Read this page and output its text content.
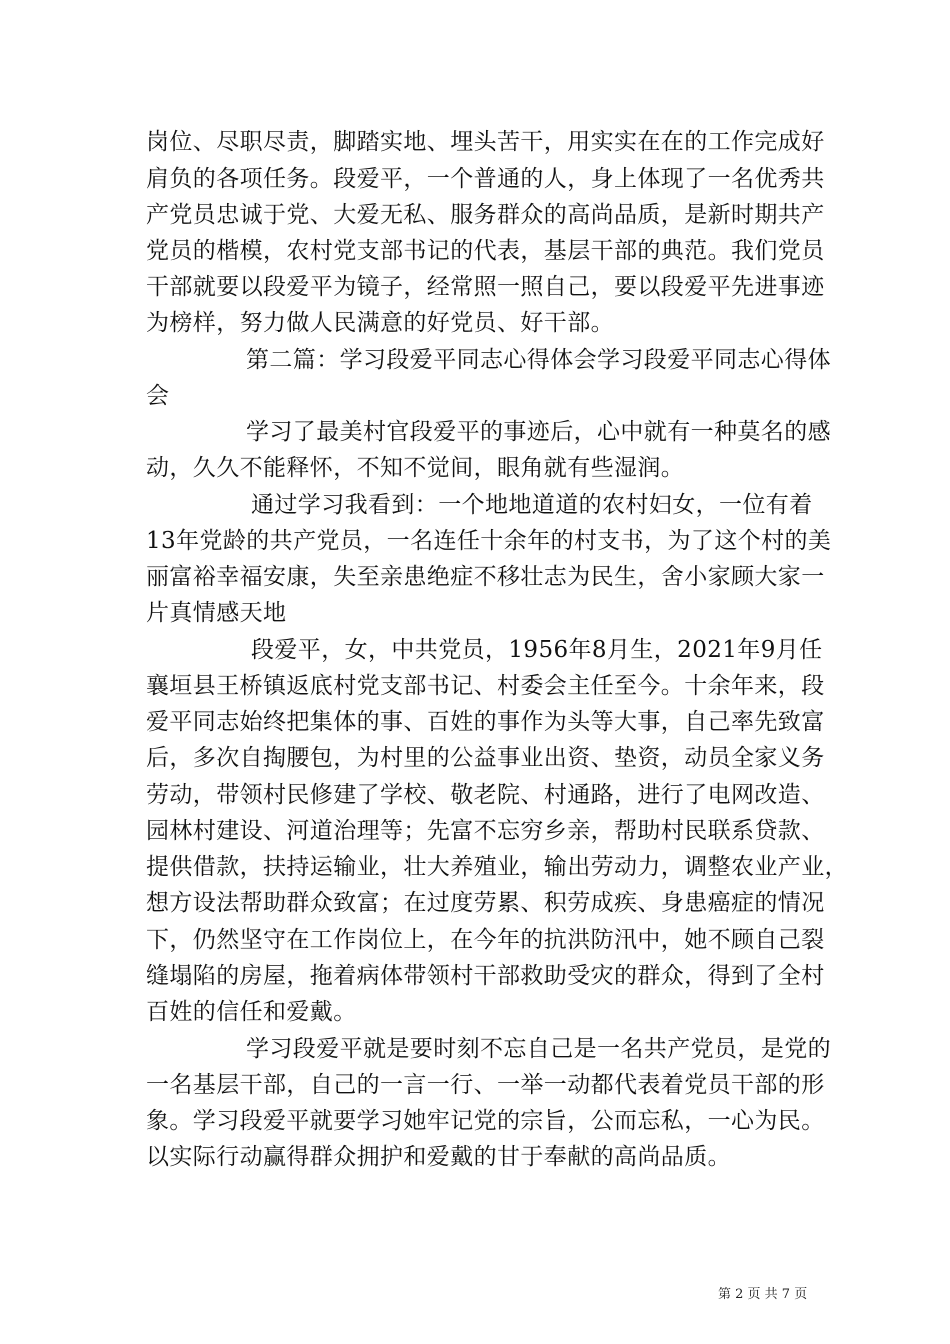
岗位、尽职尽责，脚踏实地、埋头苦干，用实实在在的工作完成好
肩负的各项任务。段爱平，一个普通的人，身上体现了一名优秀共
产党员忠诚于党、大爱无私、服务群众的高尚品质，是新时期共产
党员的楷模，农村党支部书记的代表，基层干部的典范。我们党员
干部就要以段爱平为镜子，经常照一照自己，要以段爱平先进事迹
为榜样，努力做人民满意的好党员、好干部。
第二篇：学习段爱平同志心得体会学习段爱平同志心得体
会
学习了最美村官段爱平的事迹后，心中就有一种莫名的感
动，久久不能释怀，不知不觉间，眼角就有些湿润。
通过学习我看到：一个地地道道的农村妇女，一位有着
13年党龄的共产党员，一名连任十余年的村支书，为了这个村的美
丽富裕幸福安康，失至亲患绝症不移壮志为民生，舍小家顾大家一
片真情感天地
段爱平，女，中共党员，1956年8月生，2021年9月任
襄垣县王桥镇返底村党支部书记、村委会主任至今。十余年来，段
爱平同志始终把集体的事、百姓的事作为头等大事，自己率先致富
后，多次自掏腰包，为村里的公益事业出资、垫资，动员全家义务
劳动，带领村民修建了学校、敬老院、村通路，进行了电网改造、
园林村建设、河道治理等；先富不忘穷乡亲，帮助村民联系贷款、
提供借款，扶持运输业，壮大养殖业，输出劳动力，调整农业产业，
想方设法帮助群众致富；在过度劳累、积劳成疾、身患癌症的情况
下，仍然坚守在工作岗位上，在今年的抗洪防汛中，她不顾自己裂
缝塌陷的房屋，拖着病体带领村干部救助受灾的群众，得到了全村
百姓的信任和爱戴。
学习段爱平就是要时刻不忘自己是一名共产党员，是党的
一名基层干部，自己的一言一行、一举一动都代表着党员干部的形
象。学习段爱平就要学习她牢记党的宗旨，公而忘私，一心为民。
以实际行动赢得群众拥护和爱戴的甘于奉献的高尚品质。
第 2 页 共 7 页
